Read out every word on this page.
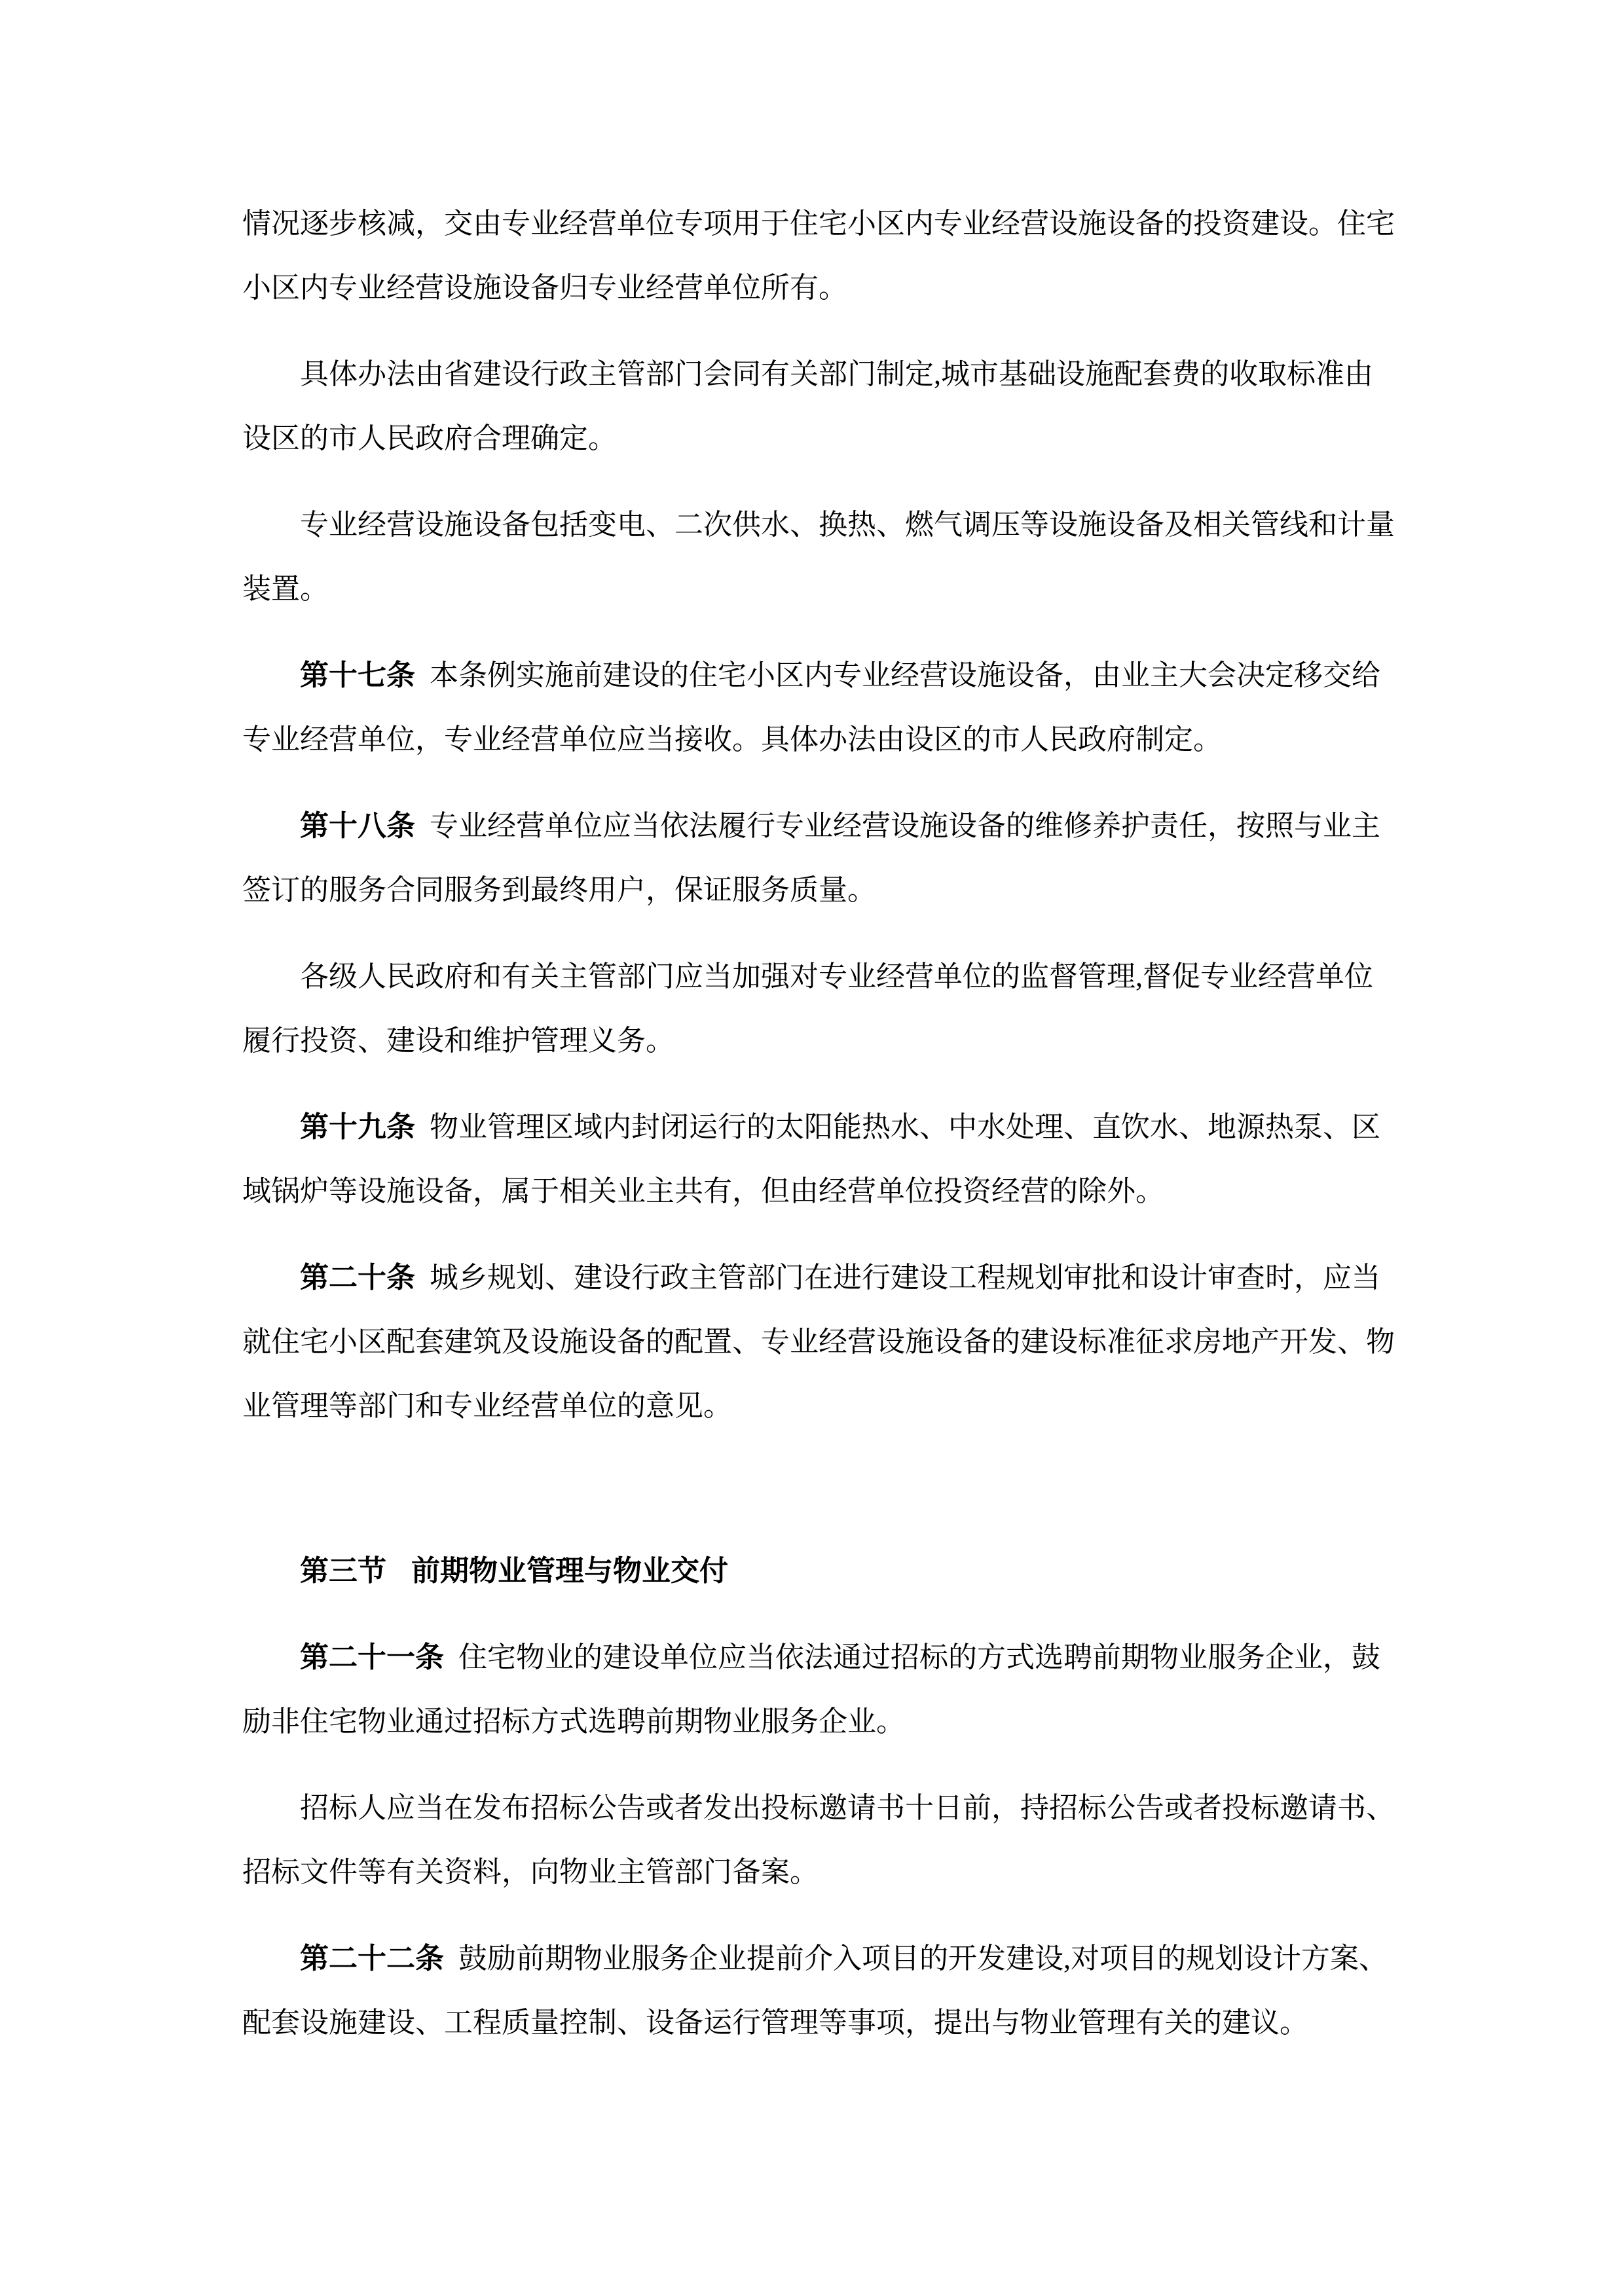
情况逐步核减，交由专业经营单位专项用于住宅小区内专业经营设施设备的投资建设。住宅
小区内专业经营设施设备归专业经营单位所有。
具体办法由省建设行政主管部门会同有关部门制定,城市基础设施配套费的收取标准由
设区的市人民政府合理确定。
专业经营设施设备包括变电、二次供水、换热、燃气调压等设施设备及相关管线和计量
装置。
第十七条 本条例实施前建设的住宅小区内专业经营设施设备，由业主大会决定移交给
专业经营单位，专业经营单位应当接收。具体办法由设区的市人民政府制定。
第十八条 专业经营单位应当依法履行专业经营设施设备的维修养护责任，按照与业主
签订的服务合同服务到最终用户，保证服务质量。
各级人民政府和有关主管部门应当加强对专业经营单位的监督管理,督促专业经营单位
履行投资、建设和维护管理义务。
第十九条 物业管理区域内封闭运行的太阳能热水、中水处理、直饮水、地源热泵、区
域锅炉等设施设备，属于相关业主共有，但由经营单位投资经营的除外。
第二十条 城乡规划、建设行政主管部门在进行建设工程规划审批和设计审查时，应当
就住宅小区配套建筑及设施设备的配置、专业经营设施设备的建设标准征求房地产开发、物
业管理等部门和专业经营单位的意见。
第三节 前期物业管理与物业交付
第二十一条 住宅物业的建设单位应当依法通过招标的方式选聘前期物业服务企业，鼓
励非住宅物业通过招标方式选聘前期物业服务企业。
招标人应当在发布招标公告或者发出投标邀请书十日前，持招标公告或者投标邀请书、
招标文件等有关资料，向物业主管部门备案。
第二十二条 鼓励前期物业服务企业提前介入项目的开发建设,对项目的规划设计方案、
配套设施建设、工程质量控制、设备运行管理等事项，提出与物业管理有关的建议。
